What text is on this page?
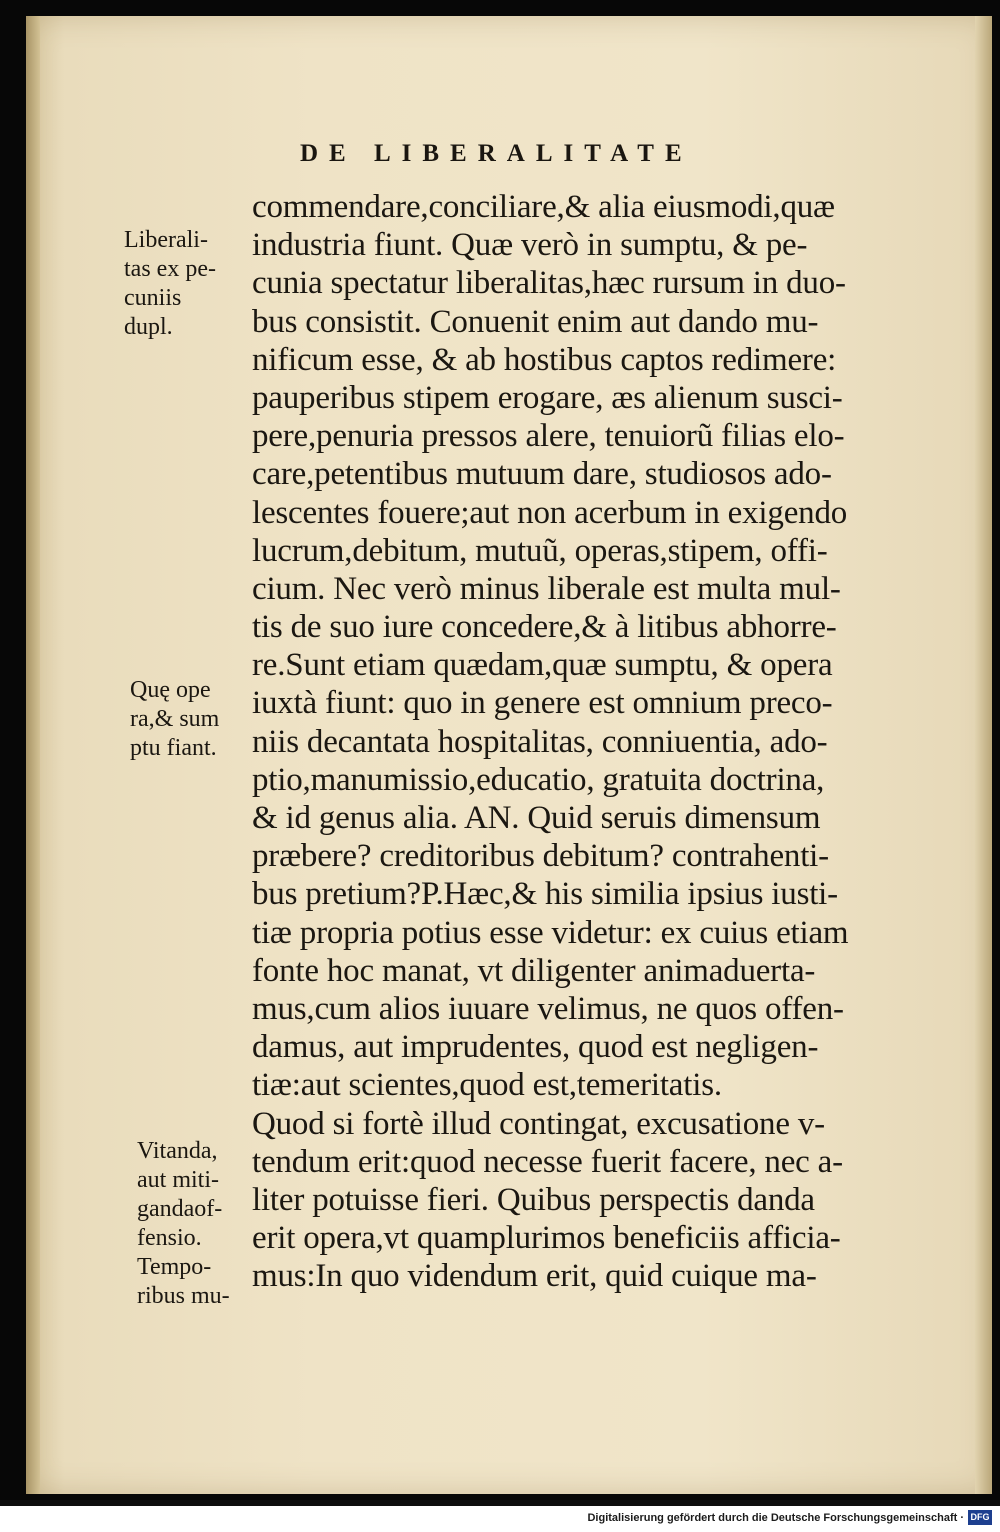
DE LIBERALITATE
commendare,conciliare,& alia eiusmodi,quæ
industria fiunt. Quæ verò in sumptu, & pe-
cunia spectatur liberalitas,hæc rursum in duo-
bus consistit. Conuenit enim aut dando mu-
nificum esse, & ab hostibus captos redimere:
pauperibus stipem erogare, æs alienum susci-
pere,penuria pressos alere, tenuiorũ filias elo-
care,petentibus mutuum dare, studiosos ado-
lescentes fouere;aut non acerbum in exigendo
lucrum,debitum, mutuũ, operas,stipem, offi-
cium. Nec verò minus liberale est multa mul-
tis de suo iure concedere,& à litibus abhorre-
re.Sunt etiam quædam,quæ sumptu, & opera
iuxtà fiunt: quo in genere est omnium preco-
niis decantata hospitalitas, conniuentia, ado-
ptio,manumissio,educatio, gratuita doctrina,
& id genus alia. AN. Quid seruis dimensum
præbere? creditoribus debitum? contrahenti-
bus pretium?P.Hæc,& his similia ipsius iusti-
tiæ propria potius esse videtur: ex cuius etiam
fonte hoc manat, vt diligenter animaduerta-
mus,cum alios iuuare velimus, ne quos offen-
damus, aut imprudentes, quod est negligen-
tiæ:aut scientes,quod est,temeritatis.
Quod si fortè illud contingat, excusatione v-
tendum erit:quod necesse fuerit facere, nec a-
liter potuisse fieri. Quibus perspectis danda
erit opera,vt quamplurimos beneficiis afficia-
mus:In quo videndum erit, quid cuique ma-
Liberali-
tas ex pe-
cuniis
dupl.
Quę ope
ra,& sum
ptu fiant.
Vitanda,
aut miti-
gandaof-
fensio.
Tempo-
ribus mu-
Digitalisierung gefördert durch die Deutsche Forschungsgemeinschaft · DFG
